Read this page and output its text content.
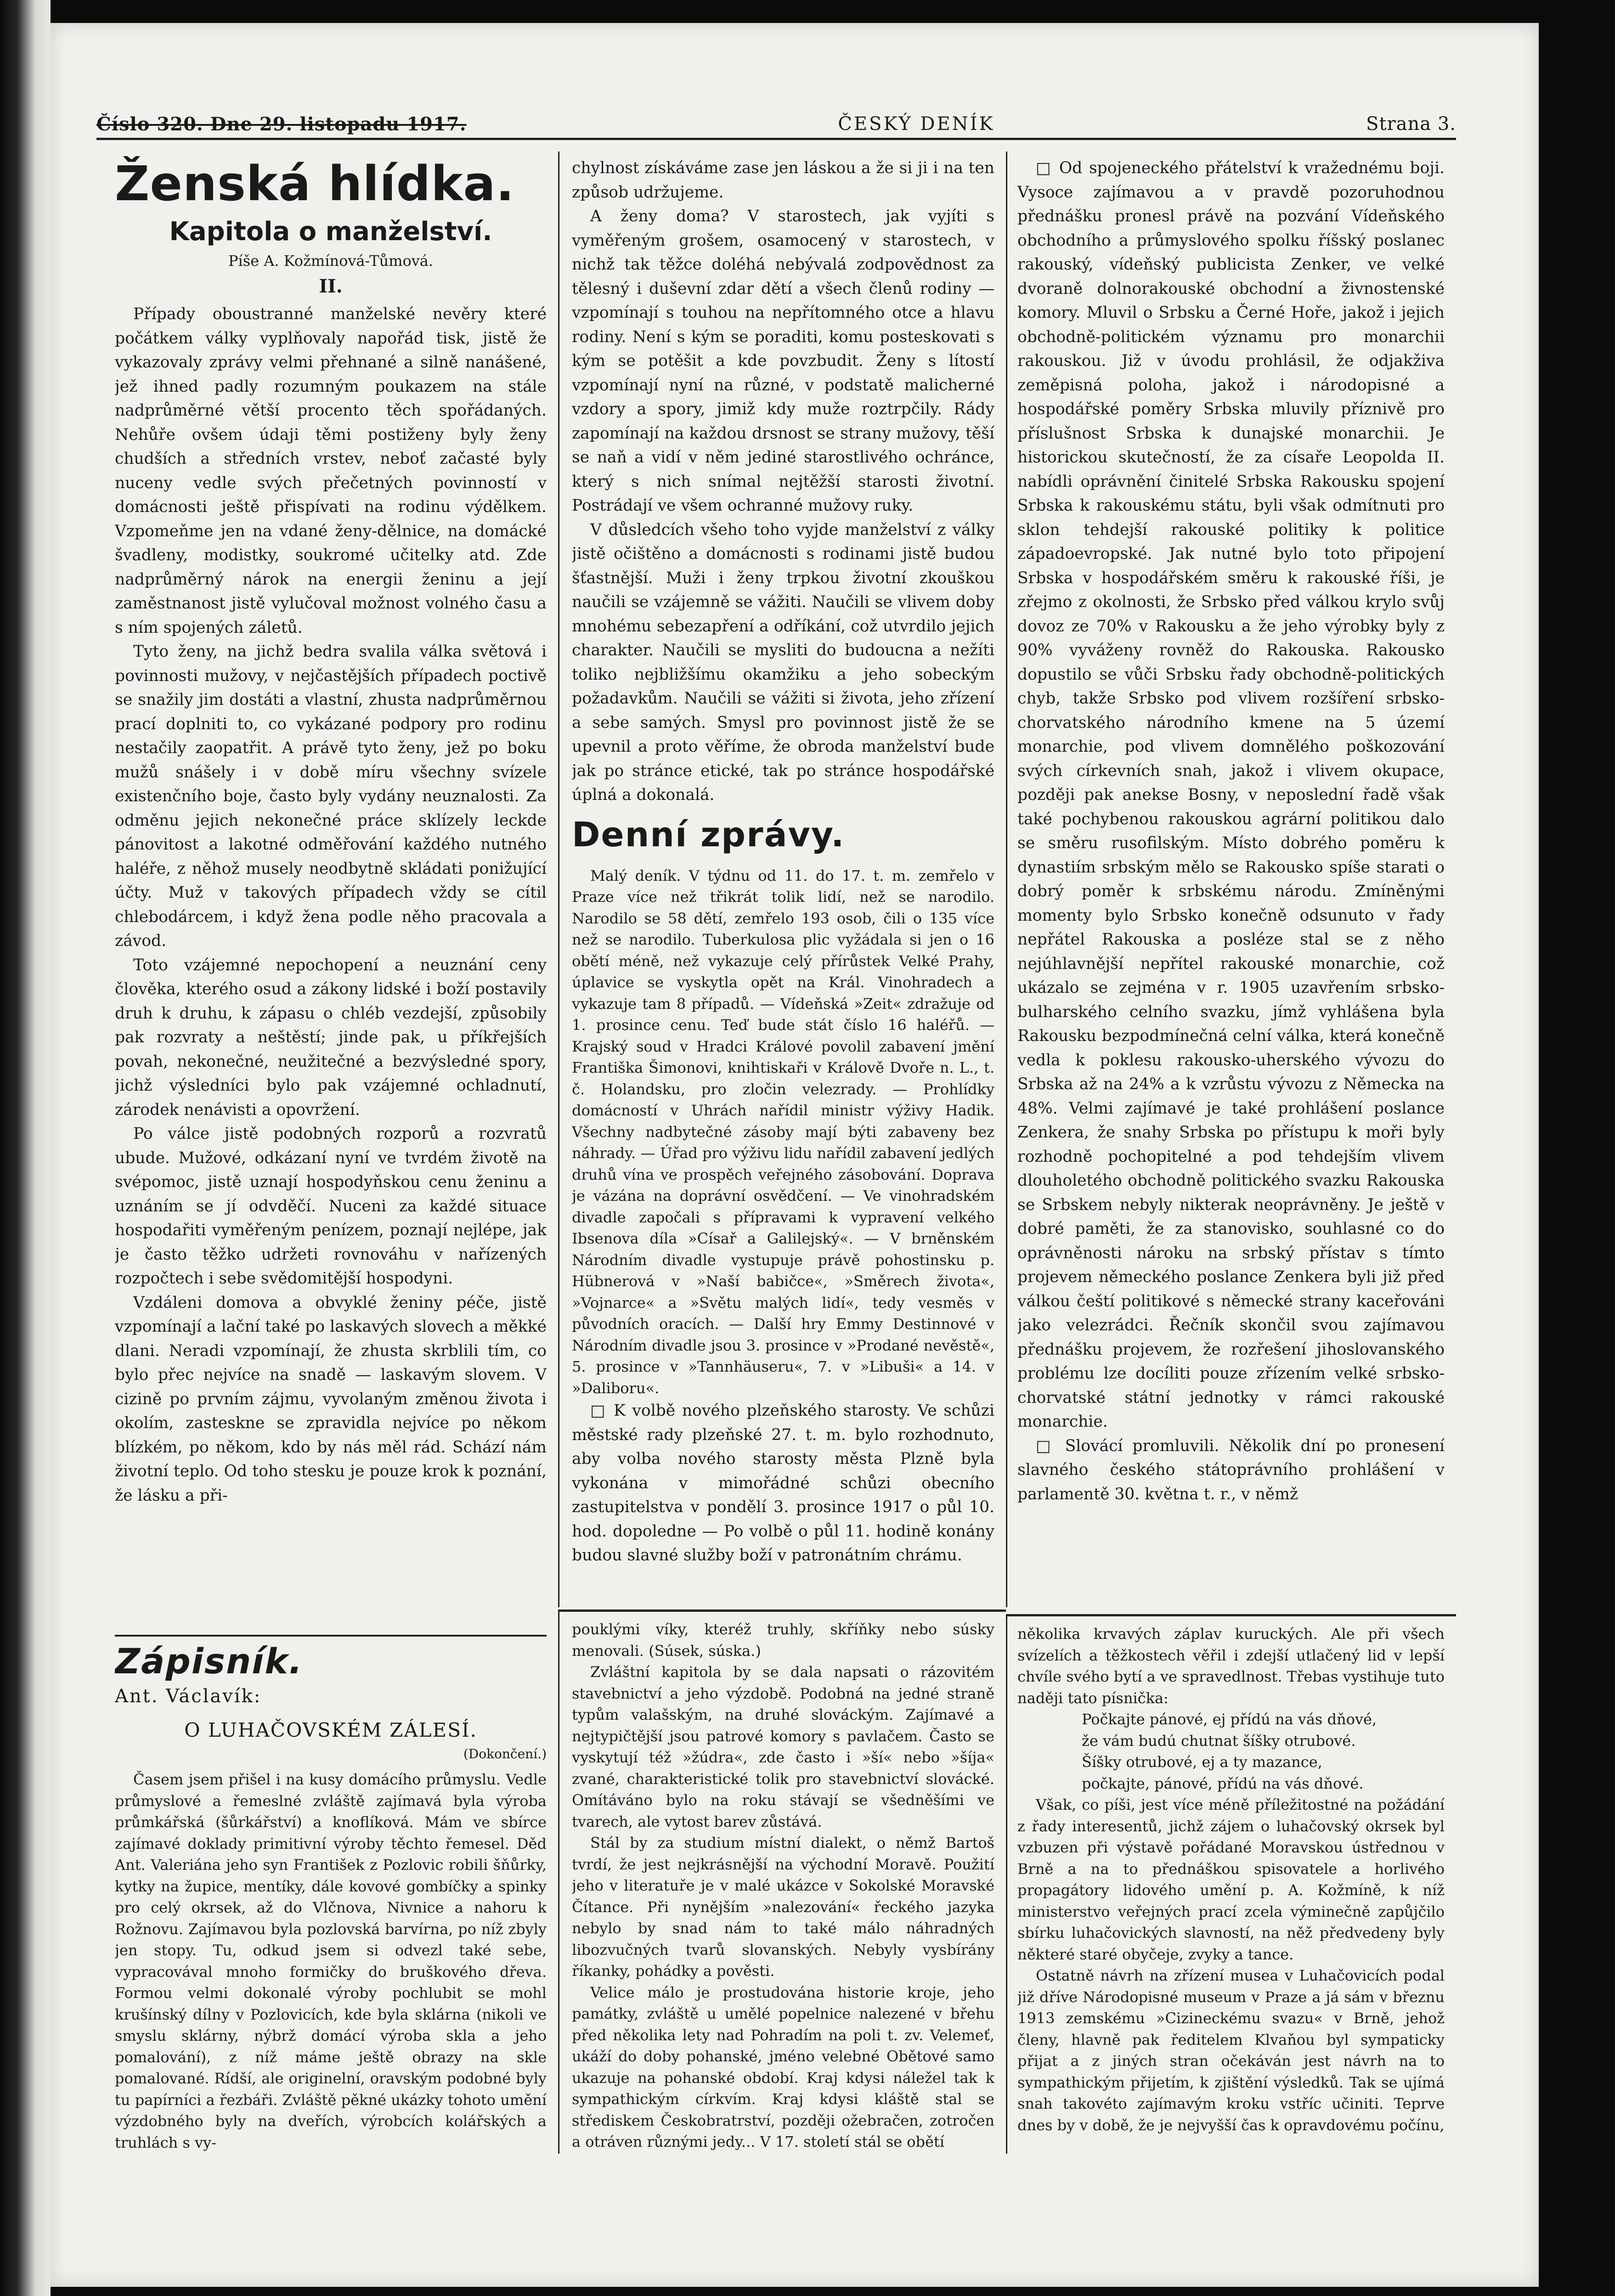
Číslo 320. Dne 29. listopadu 1917.	ČESKÝ DENÍK	Strana 3.
Ženská hlídka.
Kapitola o manželství.
Píše A. Kožmínová-Tůmová.
II.

Případy oboustranné manželské nevěry které počátkem války vyplňovaly napořád tisk, jistě že vykazovaly zprávy velmi přehnané a silně nanášené, jež ihned padly rozumným poukazem na stále nadprůměrné větší procento těch spořádaných. Nehůře ovšem údaji těmi postiženy byly ženy chudších a středních vrstev, neboť začasté byly nuceny vedle svých přečetných povinností v domácnosti ještě přispívati na rodinu výdělkem. Vzpomeňme jen na vdané ženy-dělnice, na domácké švadleny, modistky, soukromé učitelky atd. Zde nadprůměrný nárok na energii ženinu a její zaměstnanost jistě vylučoval možnost volného času a s ním spojených záletů.

Tyto ženy, na jichž bedra svalila válka světová i povinnosti mužovy, v nejčastějších případech poctivě se snažily jim dostáti a vlastní, zhusta nadprůměrnou prací doplniti to, co vykázané podpory pro rodinu nestačily zaopatřit. A právě tyto ženy, jež po boku mužů snášely i v době míru všechny svízele existenčního boje, často byly vydány neuznalosti. Za odměnu jejich nekonečné práce sklízely leckde pánovitost a lakotné odměřování každého nutného haléře, z něhož musely neodbytně skládati ponižující účty. Muž v takových případech vždy se cítil chlebodárcem, i když žena podle něho pracovala a závod.

Toto vzájemné nepochopení a neuznání ceny člověka, kterého osud a zákony lidské i boží postavily druh k druhu, k zápasu o chléb vezdejší, způsobily pak rozvraty a neštěstí; jinde pak, u příkřejších povah, nekonečné, neužitečné a bezvýsledné spory, jichž výsledníci bylo pak vzájemné ochladnutí, zárodek nenávisti a opovržení.

Po válce jistě podobných rozporů a rozvratů ubude. Mužové, odkázaní nyní ve tvrdém životě na svépomoc, jistě uznají hospodyňskou cenu ženinu a uznáním se jí odvděčí. Nuceni za každé situace hospodařiti vyměřeným penízem, poznají nejlépe, jak je často těžko udržeti rovnováhu v nařízených rozpočtech i sebe svědomitější hospodyni.

Vzdáleni domova a obvyklé ženiny péče, jistě vzpomínají a lační také po laskavých slovech a měkké dlani. Neradi vzpomínají, že zhusta skrblili tím, co bylo přec nejvíce na snadě — laskavým slovem. V cizině po prvním zájmu, vyvolaným změnou života i okolím, zastesknе se zpravidla nejvíce po někom blízkém, po někom, kdo by nás měl rád. Schází nám životní teplo. Od toho stesku je pouze krok k poznání, že lásku a při-

chylnost získáváme zase jen láskou a že si ji i na ten způsob udržujeme.

A ženy doma? V starostech, jak vyjíti s vyměřeným grošem, osamocený v starostech, v nichž tak těžce doléhá nebývalá zodpovědnost za tělesný i duševní zdar dětí a všech členů rodiny — vzpomínají s touhou na nepřítomného otce a hlavu rodiny. Není s kým se poraditi, komu posteskovati s kým se potěšit a kde povzbudit. Ženy s lítostí vzpomínají nyní na různé, v podstatě malicherné vzdory a spory, jimiž kdy muže roztrpčily. Rády zapomínají na každou drsnost se strany mužovy, těší se naň a vidí v něm jediné starostlivého ochránce, který s nich snímal nejtěžší starosti životní. Postrádají ve všem ochranné mužovy ruky.

V důsledcích všeho toho vyjde manželství z války jistě očištěno a domácnosti s rodinami jistě budou šťastnější. Muži i ženy trpkou životní zkouškou naučili se vzájemně se vážiti. Naučili se vlivem doby mnohému sebezapření a odříkání, což utvrdilo jejich charakter. Naučili se mysliti do budoucna a nežíti toliko nejbližšímu okamžiku a jeho sobeckým požadavkům. Naučili se vážiti si života, jeho zřízení a sebe samých. Smysl pro povinnost jistě že se upevnil a proto věříme, že obroda manželství bude jak po stránce etické, tak po stránce hospodářské úplná a dokonalá.

Denní zprávy.

Malý deník. V týdnu od 11. do 17. t. m. zemřelo v Praze více než třikrát tolik lidí, než se narodilo. Narodilo se 58 dětí, zemřelo 193 osob, čili o 135 více než se narodilo. Tuberkulosa plic vyžádala si jen o 16 obětí méně, než vykazuje celý přírůstek Velké Prahy, úplavice se vyskytla opět na Král. Vinohradech a vykazuje tam 8 případů. — Vídeňská »Zeit« zdražuje od 1. prosince cenu. Teď bude stát číslo 16 haléřů. — Krajský soud v Hradci Králové povolil zabavení jmění Františka Šimonovi, knihtiskaři v Králově Dvoře n. L., t. č. Holandsku, pro zločin velezrady. — Prohlídky domácností v Uhrách nařídil ministr výživy Hadik. Všechny nadbytečné zásoby mají býti zabaveny bez náhrady. — Úřad pro výživu lidu nařídil zabavení jedlých druhů vína ve prospěch veřejného zásobování. Doprava je vázána na doprávní osvědčení. — Ve vinohradském divadle započali s přípravami k vypravení velkého Ibsenova díla »Císař a Galilejský«. — V brněnském Národním divadle vystupuje právě pohostinsku p. Hübnerová v »Naší babičce«, »Směrech života«, »Vojnarce« a »Světu malých lidí«, tedy vesměs v původních oracích. — Další hry Emmy Destinnové v Národním divadle jsou 3. prosince v »Prodané nevěstě«, 5. prosince v »Tannhäuseru«, 7. v »Libuši« a 14. v »Daliboru«.

□ K volbě nového plzeňského starosty. Ve schůzi městské rady plzeňské 27. t. m. bylo rozhodnuto, aby volba nového starosty města Plzně byla vykonána v mimořádné schůzi obecního zastupitelstva v pondělí 3. prosince 1917 o půl 10. hod. dopoledne — Po volbě o půl 11. hodině konány budou slavné služby boží v patronátním chrámu.

□ Od spojeneckého přátelství k vražednému boji. Vysoce zajímavou a v pravdě pozoruhodnou přednášku pronesl právě na pozvání Vídeňského obchodního a průmyslového spolku říšský poslanec rakouský, vídeňský publicista Zenker, ve velké dvoraně dolnorakouské obchodní a živnostenské komory. Mluvil o Srbsku a Černé Hoře, jakož i jejich obchodně-politickém významu pro monarchii rakouskou. Již v úvodu prohlásil, že odjakživa zeměpisná poloha, jakož i národopisné a hospodářské poměry Srbska mluvily příznivě pro příslušnost Srbska k dunajské monarchii. Je historickou skutečností, že za císaře Leopolda II. nabídli oprávnění činitelé Srbska Rakousku spojení Srbska k rakouskému státu, byli však odmítnuti pro sklon tehdejší rakouské politiky k politice západoevropské. Jak nutné bylo toto připojení Srbska v hospodářském směru k rakouské říši, je zřejmo z okolnosti, že Srbsko před válkou krylo svůj dovoz ze 70% v Rakousku a že jeho výrobky byly z 90% vyváženy rovněž do Rakouska. Rakousko dopustilo se vůči Srbsku řady obchodně-politických chyb, takže Srbsko pod vlivem rozšíření srbsko-chorvatského národního kmene na 5 území monarchie, pod vlivem domnělého poškozování svých církevních snah, jakož i vlivem okupace, později pak anekse Bosny, v neposlední řadě však také pochybenou rakouskou agrární politikou dalo se směru rusofilským. Místo dobrého poměru k dynastiím srbským mělo se Rakousko spíše starati o dobrý poměr k srbskému národu. Zmíněnými momenty bylo Srbsko konečně odsunuto v řady nepřátel Rakouska a posléze stal se z něho nejúhlavnější nepřítel rakouské monarchie, což ukázalo se zejména v r. 1905 uzavřením srbsko-bulharského celního svazku, jímž vyhlášena byla Rakousku bezpodmínečná celní válka, která konečně vedla k poklesu rakousko-uherského vývozu do Srbska až na 24% a k vzrůstu vývozu z Německa na 48%. Velmi zajímavé je také prohlášení poslance Zenkera, že snahy Srbska po přístupu k moři byly rozhodně pochopitelné a pod tehdejším vlivem dlouholetého obchodně politického svazku Rakouska se Srbskem nebyly nikterak neoprávněny. Je ještě v dobré paměti, že za stanovisko, souhlasné co do oprávněnosti nároku na srbský přístav s tímto projevem německého poslance Zenkera byli již před válkou čeští politikové s německé strany kaceřováni jako velezrádci. Řečník skončil svou zajímavou přednášku projevem, že rozřešení jihoslovanského problému lze docíliti pouze zřízením velké srbsko-chorvatské státní jednotky v rámci rakouské monarchie.

□ Slovácí promluvili. Několik dní po pronesení slavného českého státoprávního prohlášení v parlamentě 30. května t. r., v němž

Zápisník.
Ant. Václavík:
O LUHAČOVSKÉM ZÁLESÍ.
(Dokončení.)

Časem jsem přišel i na kusy domácího průmyslu. Vedle průmyslové a řemeslné zvláště zajímavá byla výroba průmkářská (šůrkářství) a knoflíková. Mám ve sbírce zajímavé doklady primitivní výroby těchto řemesel. Děd Ant. Valeriánа jeho syn František z Pozlovic robili šňůrky, kytky na župice, mentíky, dále kovové gombíčky a spinky pro celý okrsek, až do Vlčnova, Nivnice a nahoru k Rožnovu. Zajímavou byla pozlovská barvírna, po níž zbyly jen stopy. Tu, odkud jsem si odvezl také sebe, vypracovával mnoho formičky do bruškového dřeva. Formou velmi dokonalé výroby pochlubit se mohl krušínský dílny v Pozlovicích, kde byla sklárna (nikoli ve smyslu sklárny, nýbrž domácí výroba skla a jeho pomalování), z níž máme ještě obrazy na skle pomalované. Rídší, ale originelní, oravským podobné byly tu papírníci a řezbáři. Zvláště pěkné ukázky tohoto umění výzdobného byly na dveřích, výrobcích kolářských a truhlách s vy-

pouklými víky, kteréž truhly, skříňky nebo súsky menovali. (Súsek, súska.)

Zvláštní kapitola by se dala napsati o rázovitém stavebnictví a jeho výzdobě. Podobná na jedné straně typům valašským, na druhé slováckým. Zajímavé a nejtypičtější jsou patrové komory s pavlačem. Často se vyskytují též »žúdra«, zde často i »ší« nebo »šíja« zvané, charakteristické tolik pro stavebnictví slovácké. Omítáváno bylo na roku stávají se všedněšími ve tvarech, ale vytost barev zůstává.

Stál by za studium místní dialekt, o němž Bartoš tvrdí, že jest nejkrásnější na východní Moravě. Použití jeho v literatuře je v malé ukázce v Sokolské Moravské Čítance. Při nynějším »nalezování« řeckého jazyka nebylo by snad nám to také málo náhradných libozvučných tvarů slovanských. Nebyly vysbírány říkanky, pohádky a pověsti.

Velice málo je prostudována historie kroje, jeho památky, zvláště u umělé popelnice nalezené v břehu před několika lety nad Pohradím na poli t. zv. Velemeť, ukáží do doby pohanské, jméno velebné Obětové samo ukazuje na pohanské období. Kraj kdysi náležel tak k sympathickým církvím. Kraj kdysi kláště stal se střediskem Českobratrství, později ožebračen, zotročen a otráven různými jedy... V 17. století stál se obětí

několika krvavých záplav kuruckých. Ale při všech svízelích a těžkostech věřil i zdejší utlačený lid v lepší chvíle svého bytí a ve spravedlnost. Třebas vystihuje tuto naději tato písnička:

Počkajte pánové, ej přídú na vás dňové,
že vám budú chutnat šíšky otrubové.
Šíšky otrubové, ej a ty mazance,
počkajte, pánové, přídú na vás dňové.

Však, co píši, jest více méně příležitostné na požádání z řady interesentů, jichž zájem o luhačovský okrsek byl vzbuzen při výstavě pořádané Moravskou ústřednou v Brně a na to přednáškou spisovatele a horlivého propagátory lidového umění p. A. Kožmíně, k níž ministerstvo veřejných prací zcela výminečně zapůjčilo sbírku luhačovických slavností, na něž předvedeny byly některé staré obyčeje, zvyky a tance.

Ostatně návrh na zřízení musea v Luhačovicích podal již dříve Národopisné museum v Praze a já sám v březnu 1913 zemskému »Cizineckému svazu« v Brně, jehož členy, hlavně pak ředitelem Klvaňou byl sympaticky přijat a z jiných stran očekáván jest návrh na to sympathickým přijetím, k zjištění výsledků. Tak se ujímá snah takovéto zajímavým kroku vstříc učiniti. Teprve dnes by v době, že je nejvyšší čas k opravdovému počínu,
